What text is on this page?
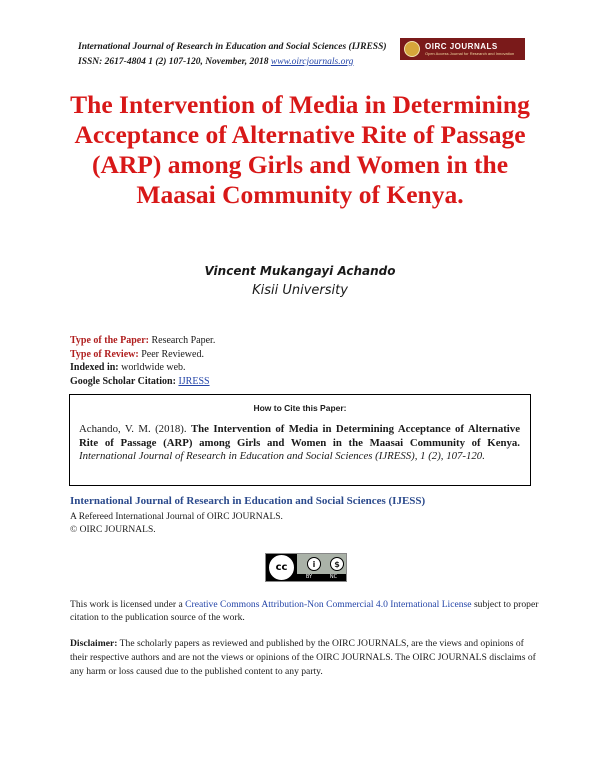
International Journal of Research in Education and Social Sciences (IJRESS)
ISSN: 2617-4804 1 (2) 107-120, November, 2018 www.oircjournals.org
OIRC JOURNALS
Open Access Journal for Research and Innovation
The Intervention of Media in Determining Acceptance of Alternative Rite of Passage (ARP) among Girls and Women in the Maasai Community of Kenya.
Vincent Mukangayi Achando
Kisii University
Type of the Paper: Research Paper.
Type of Review: Peer Reviewed.
Indexed in: worldwide web.
Google Scholar Citation: IJRESS
How to Cite this Paper:
Achando, V. M. (2018). The Intervention of Media in Determining Acceptance of Alternative Rite of Passage (ARP) among Girls and Women in the Maasai Community of Kenya. International Journal of Research in Education and Social Sciences (IJRESS), 1 (2), 107-120.
International Journal of Research in Education and Social Sciences (IJESS)
A Refereed International Journal of OIRC JOURNALS.
© OIRC JOURNALS.
cc	i	$
BY	NC
This work is licensed under a Creative Commons Attribution-Non Commercial 4.0 International License subject to proper citation to the publication source of the work.
Disclaimer: The scholarly papers as reviewed and published by the OIRC JOURNALS, are the views and opinions of their respective authors and are not the views or opinions of the OIRC JOURNALS. The OIRC JOURNALS disclaims of any harm or loss caused due to the published content to any party.
